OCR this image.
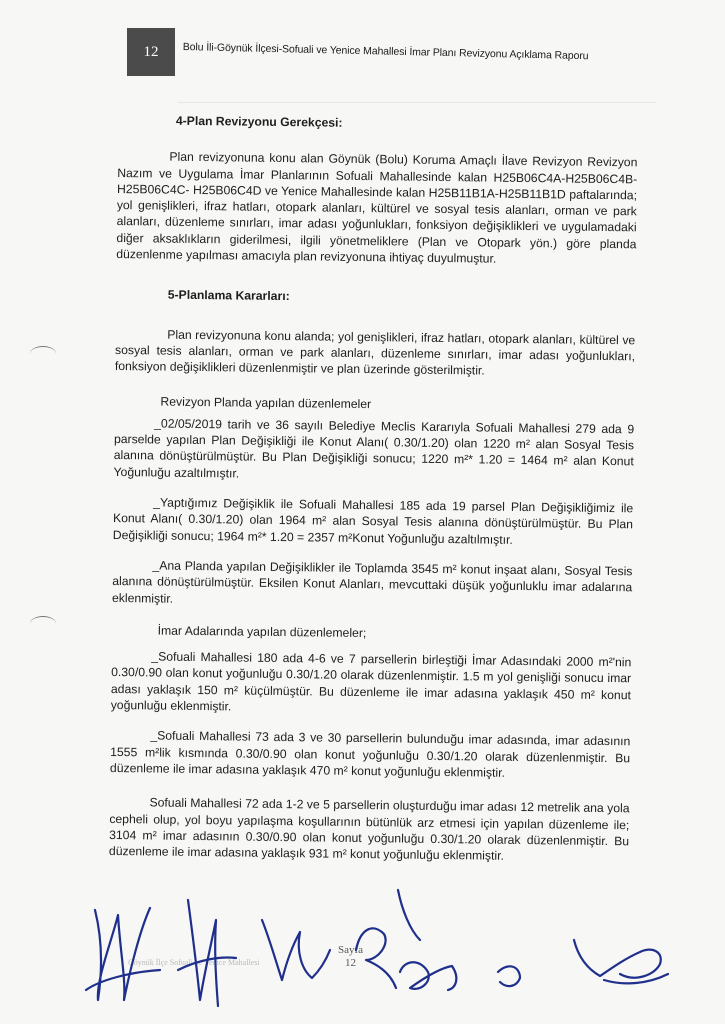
12 Bolu İli-Göynük İlçesi-Sofuali ve Yenice Mahallesi İmar Planı Revizyonu Açıklama Raporu

4-Plan Revizyonu Gerekçesi:

Plan revizyonuna konu alan Göynük (Bolu) Koruma Amaçlı İlave Revizyon Revizyon Nazım ve Uygulama İmar Planlarının Sofuali Mahallesinde kalan H25B06C4A-H25B06C4B- H25B06C4C- H25B06C4D ve Yenice Mahallesinde kalan H25B11B1A-H25B11B1D paftalarında; yol genişlikleri, ifraz hatları, otopark alanları, kültürel ve sosyal tesis alanları, orman ve park alanları, düzenleme sınırları, imar adası yoğunlukları, fonksiyon değişiklikleri ve uygulamadaki diğer aksaklıkların giderilmesi, ilgili yönetmeliklere (Plan ve Otopark yön.) göre planda düzenlenme yapılması amacıyla plan revizyonuna ihtiyaç duyulmuştur.

5-Planlama Kararları:

Plan revizyonuna konu alanda; yol genişlikleri, ifraz hatları, otopark alanları, kültürel ve sosyal tesis alanları, orman ve park alanları, düzenleme sınırları, imar adası yoğunlukları, fonksiyon değişiklikleri düzenlenmiştir ve plan üzerinde gösterilmiştir.

Revizyon Planda yapılan düzenlemeler

_02/05/2019 tarih ve 36 sayılı Belediye Meclis Kararıyla Sofuali Mahallesi 279 ada 9 parselde yapılan Plan Değişikliği ile Konut Alanı( 0.30/1.20) olan 1220 m² alan Sosyal Tesis alanına dönüştürülmüştür. Bu Plan Değişikliği sonucu; 1220 m²* 1.20 = 1464 m² alan Konut Yoğunluğu azaltılmıştır.

_Yaptığımız Değişiklik ile Sofuali Mahallesi 185 ada 19 parsel Plan Değişikliğimiz ile Konut Alanı( 0.30/1.20) olan 1964 m² alan Sosyal Tesis alanına dönüştürülmüştür. Bu Plan Değişikliği sonucu; 1964 m²* 1.20 = 2357 m²Konut Yoğunluğu azaltılmıştır.

_Ana Planda yapılan Değişiklikler ile Toplamda 3545 m² konut inşaat alanı, Sosyal Tesis alanına dönüştürülmüştür. Eksilen Konut Alanları, mevcuttaki düşük yoğunluklu imar adalarına eklenmiştir.

İmar Adalarında yapılan düzenlemeler;

_Sofuali Mahallesi 180 ada 4-6 ve 7 parsellerin birleştiği İmar Adasındaki 2000 m²'nin 0.30/0.90 olan konut yoğunluğu 0.30/1.20 olarak düzenlenmiştir. 1.5 m yol genişliği sonucu imar adası yaklaşık 150 m² küçülmüştür. Bu düzenleme ile imar adasına yaklaşık 450 m² konut yoğunluğu eklenmiştir.

_Sofuali Mahallesi 73 ada 3 ve 30 parsellerin bulunduğu imar adasında, imar adasının 1555 m²lik kısmında 0.30/0.90 olan konut yoğunluğu 0.30/1.20 olarak düzenlenmiştir. Bu düzenleme ile imar adasına yaklaşık 470 m² konut yoğunluğu eklenmiştir.

Sofuali Mahallesi 72 ada 1-2 ve 5 parsellerin oluşturduğu imar adası 12 metrelik ana yola cepheli olup, yol boyu yapılaşma koşullarının bütünlük arz etmesi için yapılan düzenleme ile; 3104 m² imar adasının 0.30/0.90 olan konut yoğunluğu 0.30/1.20 olarak düzenlenmiştir. Bu düzenleme ile imar adasına yaklaşık 931 m² konut yoğunluğu eklenmiştir.

Göynük İlçe Sofuali ve Yenice Mahallesi
Sayfa
12
